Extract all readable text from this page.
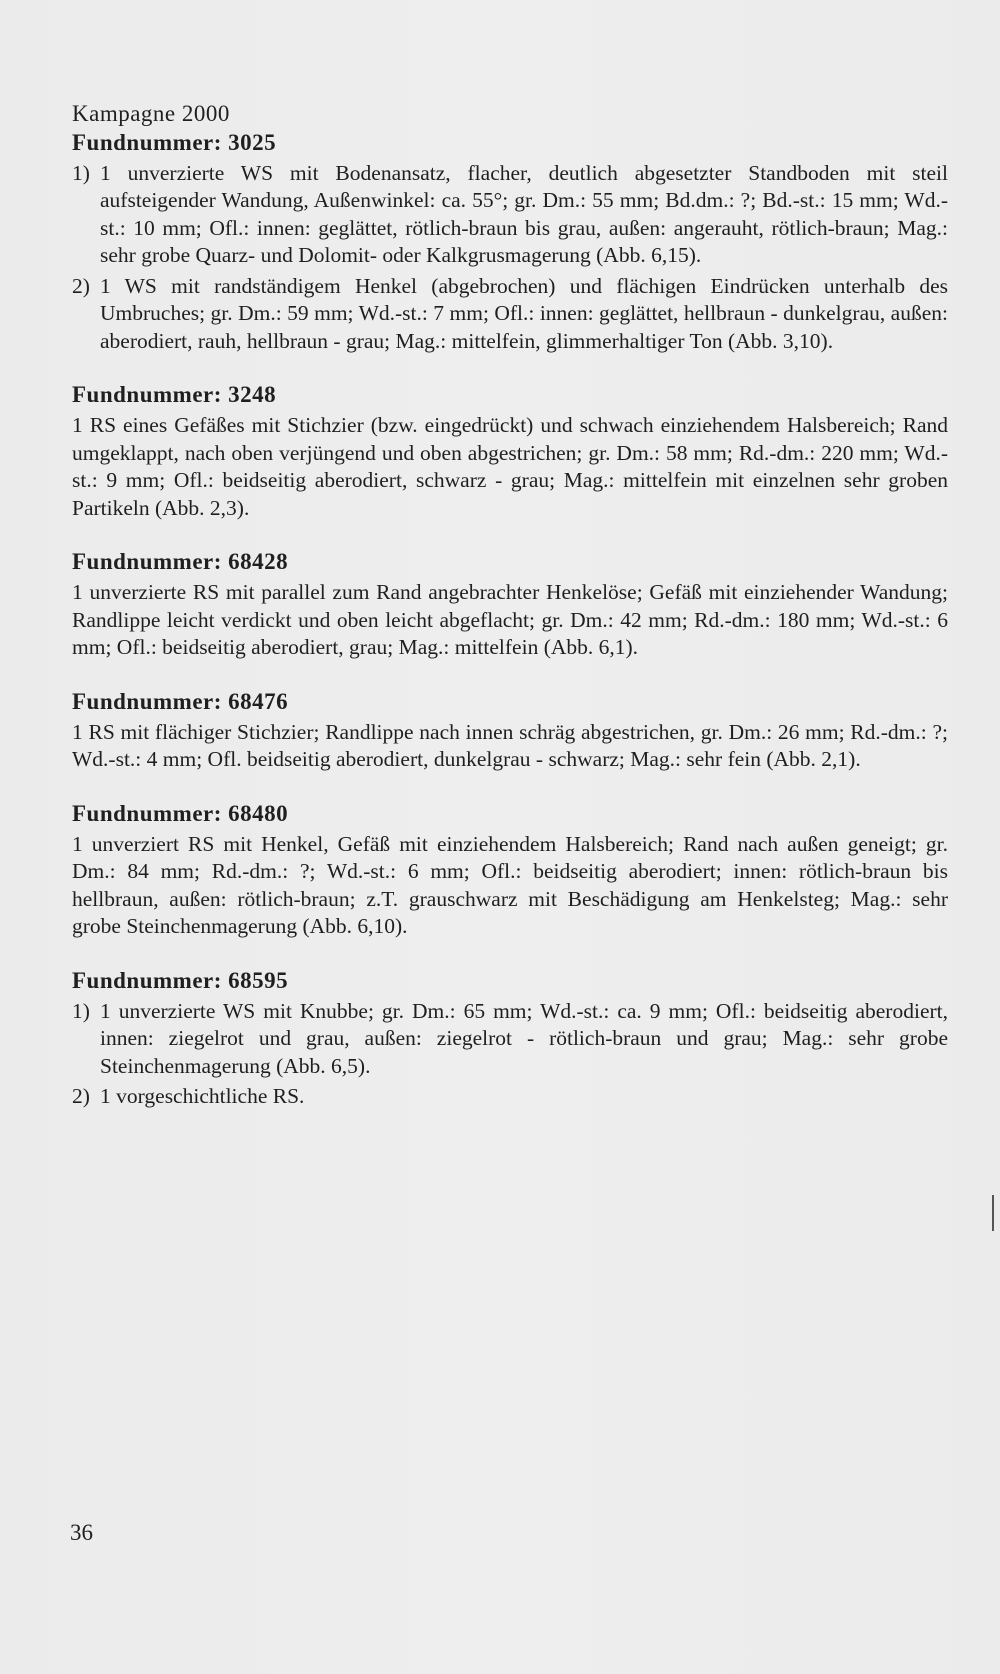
Kampagne 2000

Fundnummer: 3025
1) 1 unverzierte WS mit Bodenansatz, flacher, deutlich abgesetzter Standboden mit steil aufsteigender Wandung, Außenwinkel: ca. 55°; gr. Dm.: 55 mm; Bd.dm.: ?; Bd.-st.: 15 mm; Wd.-st.: 10 mm; Ofl.: innen: geglättet, rötlich-braun bis grau, außen: angerauht, rötlich-braun; Mag.: sehr grobe Quarz- und Dolomit- oder Kalkgrusmagerung (Abb. 6,15).
2) 1 WS mit randständigem Henkel (abgebrochen) und flächigen Eindrücken unterhalb des Umbruches; gr. Dm.: 59 mm; Wd.-st.: 7 mm; Ofl.: innen: geglättet, hellbraun - dunkelgrau, außen: aberodiert, rauh, hellbraun - grau; Mag.: mittelfein, glimmerhaltiger Ton (Abb. 3,10).
Fundnummer: 3248

1 RS eines Gefäßes mit Stichzier (bzw. eingedrückt) und schwach einziehendem Halsbereich; Rand umgeklappt, nach oben verjüngend und oben abgestrichen; gr. Dm.: 58 mm; Rd.-dm.: 220 mm; Wd.-st.: 9 mm; Ofl.: beidseitig aberodiert, schwarz - grau; Mag.: mittelfein mit einzelnen sehr groben Partikeln (Abb. 2,3).

Fundnummer: 68428

1 unverzierte RS mit parallel zum Rand angebrachter Henkelöse; Gefäß mit einziehender Wandung; Randlippe leicht verdickt und oben leicht abgeflacht; gr. Dm.: 42 mm; Rd.-dm.: 180 mm; Wd.-st.: 6 mm; Ofl.: beidseitig aberodiert, grau; Mag.: mittelfein (Abb. 6,1).

Fundnummer: 68476

1 RS mit flächiger Stichzier; Randlippe nach innen schräg abgestrichen, gr. Dm.: 26 mm; Rd.-dm.: ?; Wd.-st.: 4 mm; Ofl. beidseitig aberodiert, dunkelgrau - schwarz; Mag.: sehr fein (Abb. 2,1).

Fundnummer: 68480

1 unverziert RS mit Henkel, Gefäß mit einziehendem Halsbereich; Rand nach außen geneigt; gr. Dm.: 84 mm; Rd.-dm.: ?; Wd.-st.: 6 mm; Ofl.: beidseitig aberodiert; innen: rötlich-braun bis hellbraun, außen: rötlich-braun; z.T. grauschwarz mit Beschädigung am Henkelsteg; Mag.: sehr grobe Steinchenmagerung (Abb. 6,10).

Fundnummer: 68595
1) 1 unverzierte WS mit Knubbe; gr. Dm.: 65 mm; Wd.-st.: ca. 9 mm; Ofl.: beidseitig aberodiert, innen: ziegelrot und grau, außen: ziegelrot - rötlich-braun und grau; Mag.: sehr grobe Steinchenmagerung (Abb. 6,5).
2) 1 vorgeschichtliche RS.
36
